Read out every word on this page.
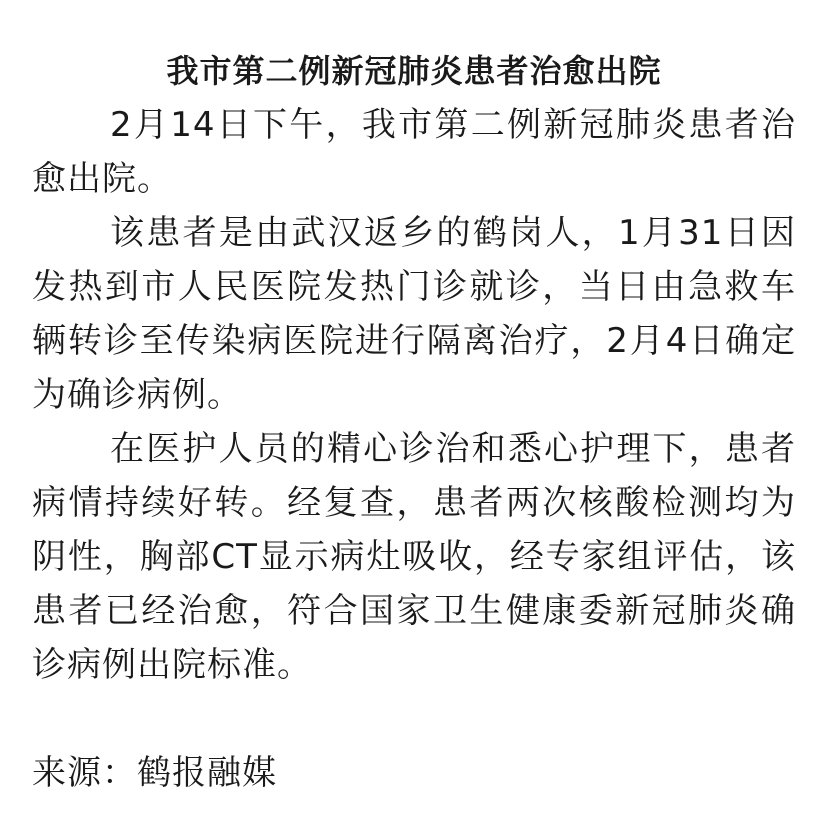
我市第二例新冠肺炎患者治愈出院

2月14日下午，我市第二例新冠肺炎患者治愈出院。

该患者是由武汉返乡的鹤岗人，1月31日因发热到市人民医院发热门诊就诊，当日由急救车辆转诊至传染病医院进行隔离治疗，2月4日确定为确诊病例。

在医护人员的精心诊治和悉心护理下，患者病情持续好转。经复查，患者两次核酸检测均为阴性，胸部CT显示病灶吸收，经专家组评估，该患者已经治愈，符合国家卫生健康委新冠肺炎确诊病例出院标准。

来源：鹤报融媒
